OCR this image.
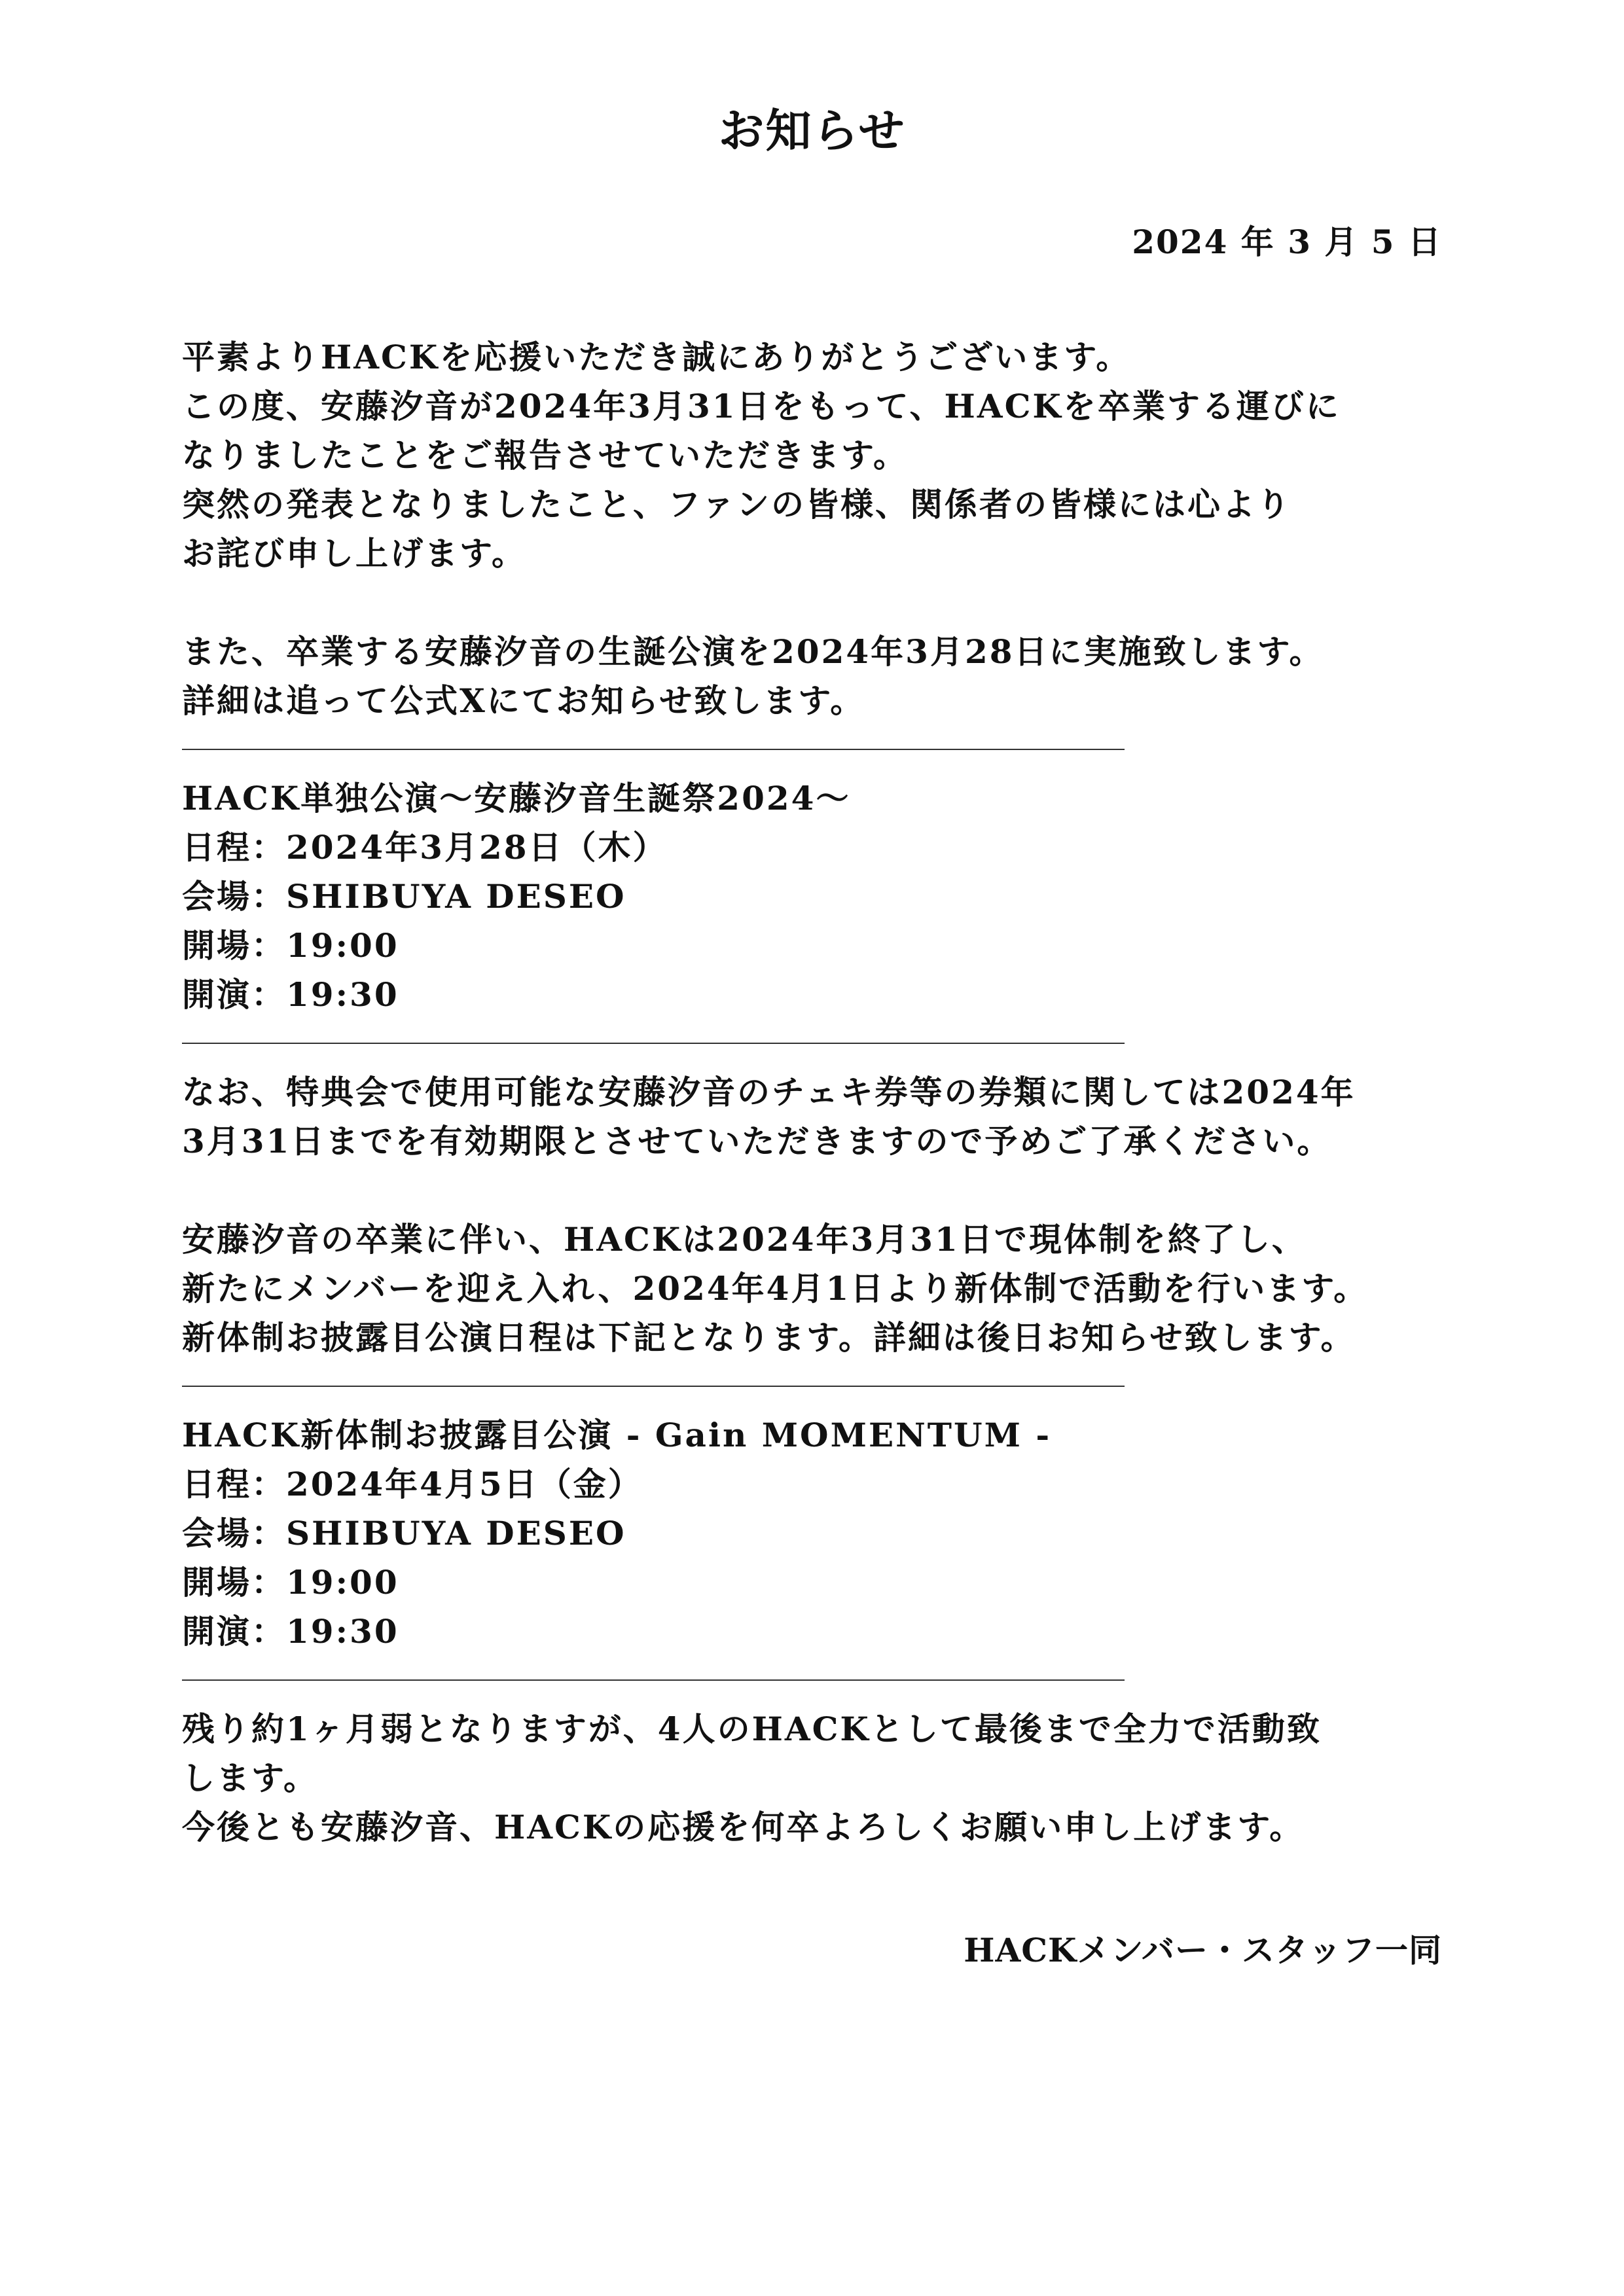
お知らせ
2024 年 3 月 5 日
平素よりHACKを応援いただき誠にありがとうございます。
この度、安藤汐音が2024年3月31日をもって、HACKを卒業する運びに
なりましたことをご報告させていただきます。
突然の発表となりましたこと、ファンの皆様、関係者の皆様には心より
お詫び申し上げます。
また、卒業する安藤汐音の生誕公演を2024年3月28日に実施致します。
詳細は追って公式Xにてお知らせ致します。
HACK単独公演〜安藤汐音生誕祭2024〜
日程：2024年3月28日（木）
会場：SHIBUYA DESEO
開場：19:00
開演：19:30
なお、特典会で使用可能な安藤汐音のチェキ券等の券類に関しては2024年
3月31日までを有効期限とさせていただきますので予めご了承ください。
安藤汐音の卒業に伴い、HACKは2024年3月31日で現体制を終了し、
新たにメンバーを迎え入れ、2024年4月1日より新体制で活動を行います。
新体制お披露目公演日程は下記となります。詳細は後日お知らせ致します。
HACK新体制お披露目公演 - Gain MOMENTUM -
日程：2024年4月5日（金）
会場：SHIBUYA DESEO
開場：19:00
開演：19:30
残り約1ヶ月弱となりますが、4人のHACKとして最後まで全力で活動致
します。
今後とも安藤汐音、HACKの応援を何卒よろしくお願い申し上げます。
HACKメンバー・スタッフ一同
